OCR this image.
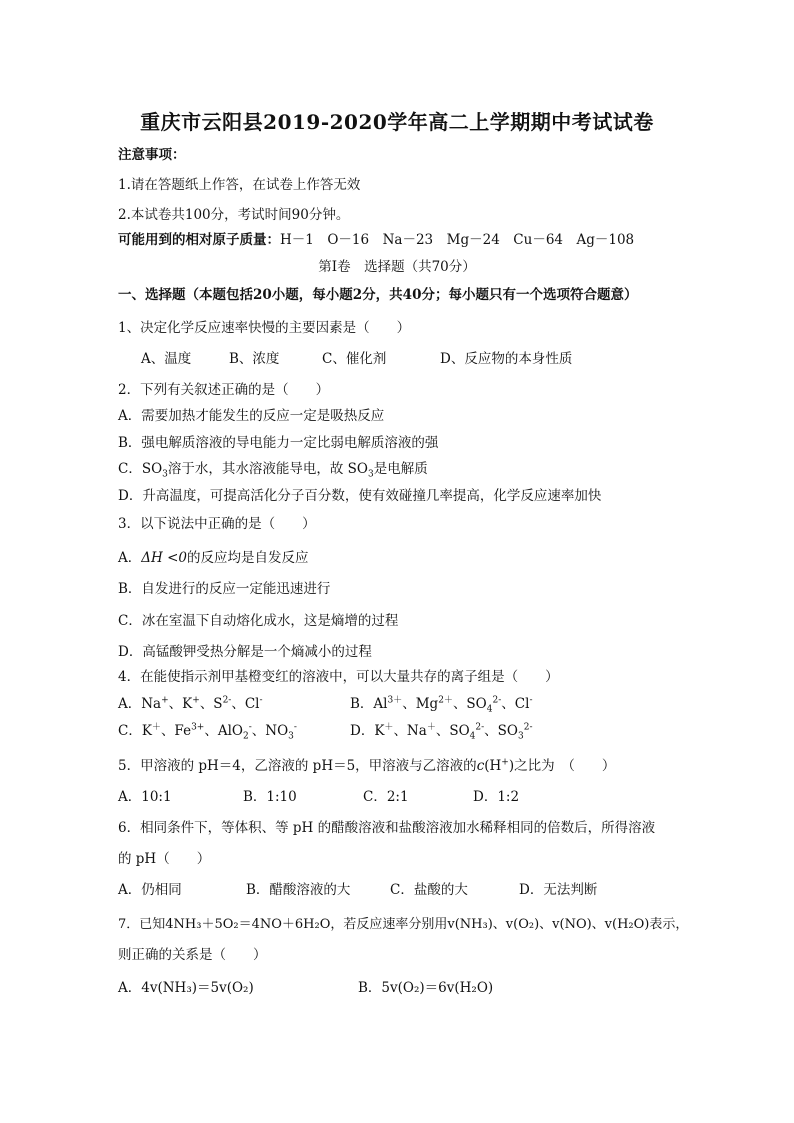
重庆市云阳县2019-2020学年高二上学期期中考试试卷
注意事项：
1.请在答题纸上作答，在试卷上作答无效
2.本试卷共100分，考试时间90分钟。
可能用到的相对原子质量：H－1　O－16　Na－23　Mg－24　Cu－64　Ag－108
第Ⅰ卷　选择题（共70分）
一、选择题（本题包括20小题，每小题2分，共40分；每小题只有一个选项符合题意）
1、决定化学反应速率快慢的主要因素是（　　）
A、温度	B、浓度	C、催化剂	D、反应物的本身性质
2．下列有关叙述正确的是（　　）
A．需要加热才能发生的反应一定是吸热反应
B．强电解质溶液的导电能力一定比弱电解质溶液的强
C．$SO_3$溶于水，其水溶液能导电，故 $SO_3$是电解质
D．升高温度，可提高活化分子百分数，使有效碰撞几率提高，化学反应速率加快
3．以下说法中正确的是（　　）
A．ΔH <0的反应均是自发反应
B．自发进行的反应一定能迅速进行
C．冰在室温下自动熔化成水，这是熵增的过程
D．高锰酸钾受热分解是一个熵减小的过程
4．在能使指示剂甲基橙变红的溶液中，可以大量共存的离子组是（　　）
A．Na+、K+、$S^{2-}$、Cl-	B．$Al^{3+}$、$Mg^{2+}$、$SO_4^{2-}$、Cl-
C．K＋、$Fe^{3+}$、AlO$_2$-、$NO_3^-$	D．K＋、Na＋、$SO_4^{2-}$、$SO_3^{2-}$
5．甲溶液的 pH＝4，乙溶液的 pH＝5，甲溶液与乙溶液的c(H+)之比为　（　　）
A．10:1	B．1:10	C．2:1	D．1:2
6．相同条件下，等体积、等 pH 的醋酸溶液和盐酸溶液加水稀释相同的倍数后，所得溶液
的 pH（　　）
A．仍相同	B．醋酸溶液的大	C．盐酸的大	D．无法判断
7．已知4NH₃＋5O₂＝4NO＋6H₂O，若反应速率分别用v(NH₃)、v(O₂)、v(NO)、v(H₂O)表示，
则正确的关系是（　　）
A．4v(NH₃)＝5v(O₂)	B．5v(O₂)＝6v(H₂O)
